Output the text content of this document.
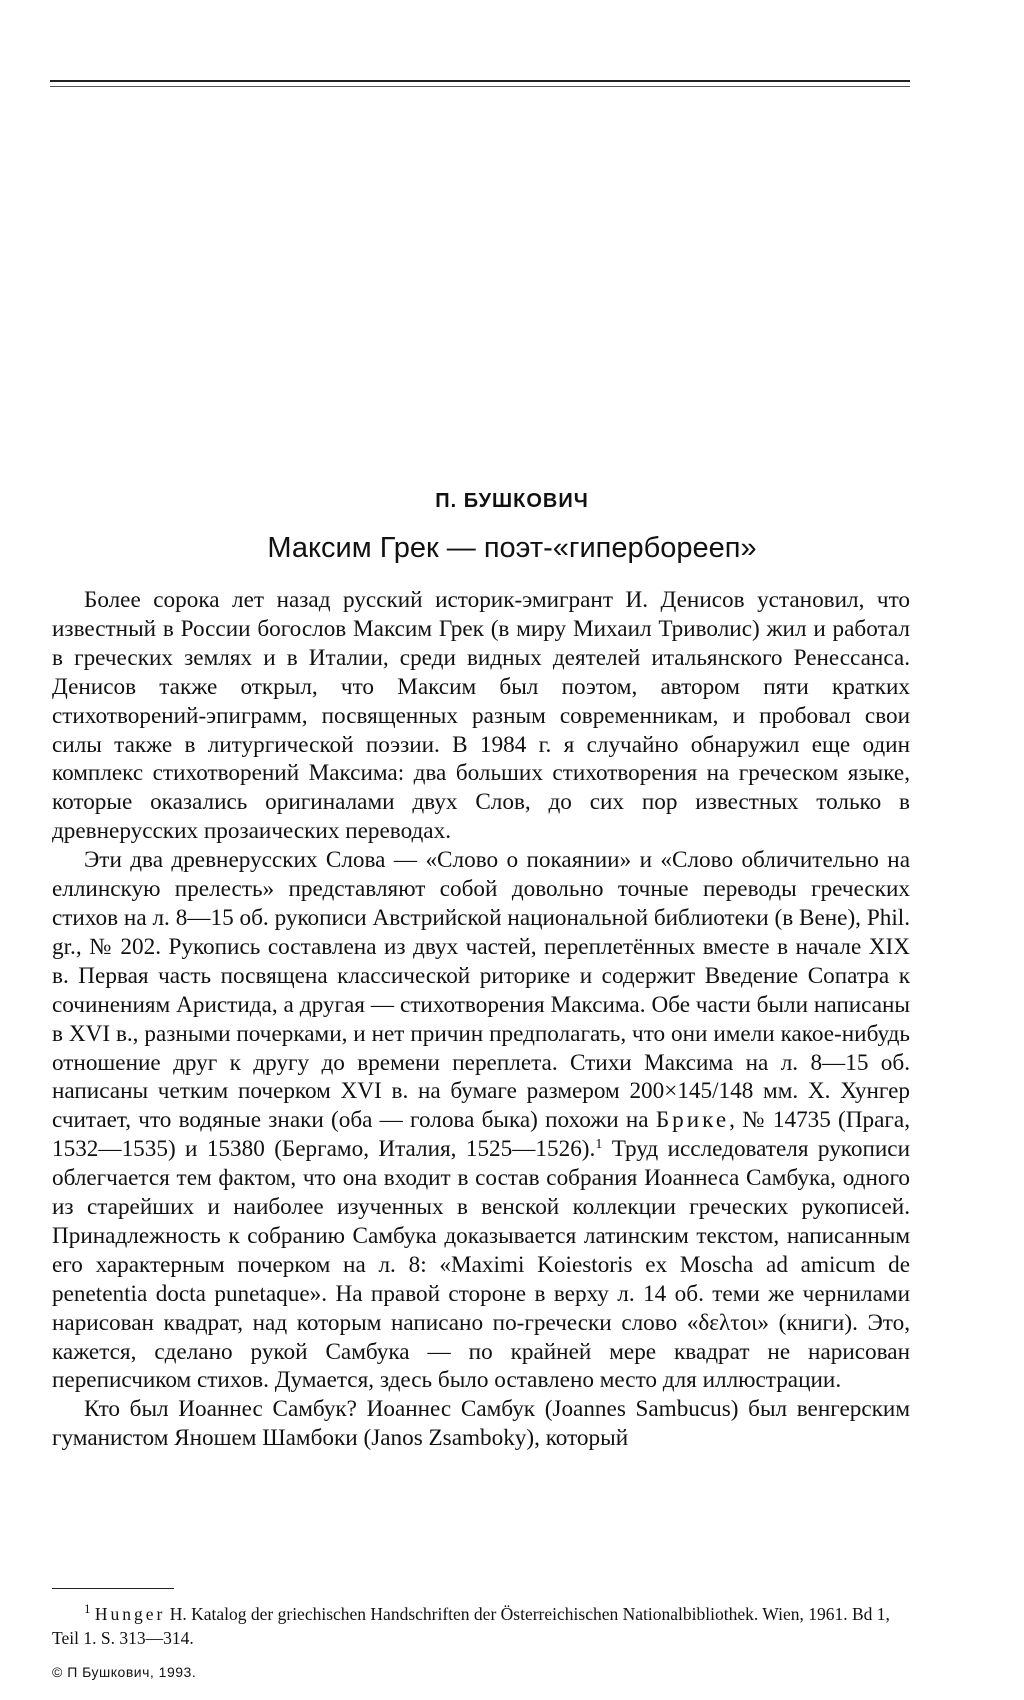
П. БУШКОВИЧ
Максим Грек — поэт-«гиперборееп»

Более сорока лет назад русский историк-эмигрант И. Денисов установил, что известный в России богослов Максим Грек (в миру Михаил Триволис) жил и работал в греческих землях и в Италии, среди видных деятелей итальянского Ренессанса. Денисов также открыл, что Максим был поэтом, автором пяти кратких стихотворений-эпиграмм, посвященных разным современникам, и пробовал свои силы также в литургической поэзии. В 1984 г. я случайно обнаружил еще один комплекс стихотворений Максима: два больших стихотворения на греческом языке, которые оказались оригиналами двух Слов, до сих пор известных только в древнерусских прозаических переводах.

Эти два древнерусских Слова — «Слово о покаянии» и «Слово обличительно на еллинскую прелесть» представляют собой довольно точные переводы греческих стихов на л. 8—15 об. рукописи Австрийской национальной библиотеки (в Вене), Phil. gr., № 202. Рукопись составлена из двух частей, переплетённых вместе в начале XIX в. Первая часть посвящена классической риторике и содержит Введение Сопатра к сочинениям Аристида, а другая — стихотворения Максима. Обе части были написаны в XVI в., разными почерками, и нет причин предполагать, что они имели какое-нибудь отношение друг к другу до времени переплета. Стихи Максима на л. 8—15 об. написаны четким почерком XVI в. на бумаге размером 200×145/148 мм. X. Хунгер считает, что водяные знаки (оба — голова быка) похожи на Брике, № 14735 (Прага, 1532—1535) и 15380 (Бергамо, Италия, 1525—1526).$^1$ Труд исследователя рукописи облегчается тем фактом, что она входит в состав собрания Иоаннеса Самбука, одного из старейших и наиболее изученных в венской коллекции греческих рукописей. Принадлежность к собранию Самбука доказывается латинским текстом, написанным его характерным почерком на л. 8: «Maximi Koiestoris ex Moscha ad amicum de penetentia docta punetaque». На правой стороне в верху л. 14 об. теми же чернилами нарисован квадрат, над которым написано по-гречески слово «δελτοι» (книги). Это, кажется, сделано рукой Самбука — по крайней мере квадрат не нарисован переписчиком стихов. Думается, здесь было оставлено место для иллюстрации.

Кто был Иоаннес Самбук? Иоаннес Самбук (Joannes Sambucus) был венгерским гуманистом Яношем Шамбоки (Janos Zsamboky), который

$^1$ Hunger H. Katalog der griechischen Handschriften der Österreichischen Nationalbibliothek. Wien, 1961. Bd 1, Teil 1. S. 313—314.
© П Бушкович, 1993.
